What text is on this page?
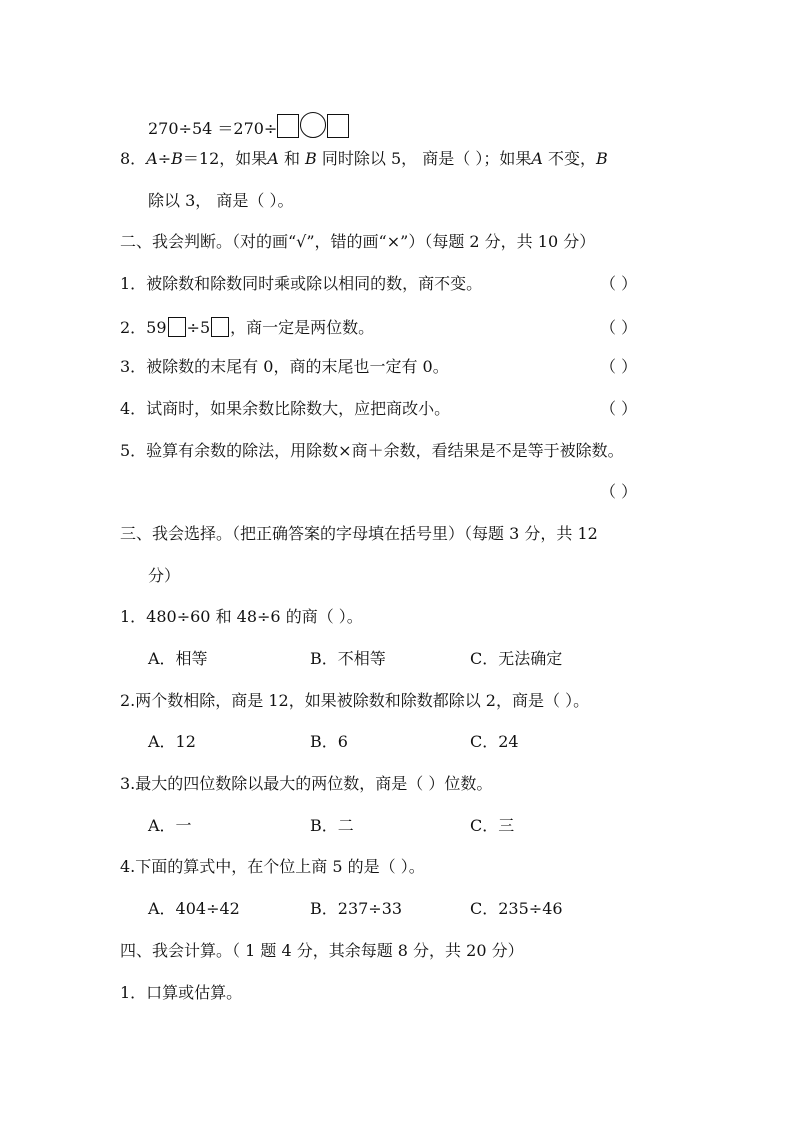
270÷54 ＝270÷
8．A÷B＝12，如果A 和 B 同时除以 5， 商是（ ）；如果A 不变，B
除以 3， 商是（ ）。
二、我会判断。（对的画“√”，错的画“×”）（每题 2 分，共 10 分）
1．被除数和除数同时乘或除以相同的数，商不变。	（ ）
2．59 ÷5 ，商一定是两位数。	（ ）
3．被除数的末尾有 0，商的末尾也一定有 0。	（ ）
4．试商时，如果余数比除数大，应把商改小。	（ ）
5．验算有余数的除法，用除数×商＋余数，看结果是不是等于被除数。
（ ）
三、我会选择。（把正确答案的字母填在括号里）（每题 3 分，共 12
分）
1．480÷60 和 48÷6 的商（ ）。
A．相等	B．不相等	C．无法确定
2.两个数相除，商是 12，如果被除数和除数都除以 2，商是（ ）。
A．12	B．6	C．24
3.最大的四位数除以最大的两位数，商是（ ）位数。
A．一	B．二	C．三
4.下面的算式中，在个位上商 5 的是（ ）。
A．404÷42	B．237÷33	C．235÷46
四、我会计算。（ 1 题 4 分，其余每题 8 分，共 20 分）
1．口算或估算。
